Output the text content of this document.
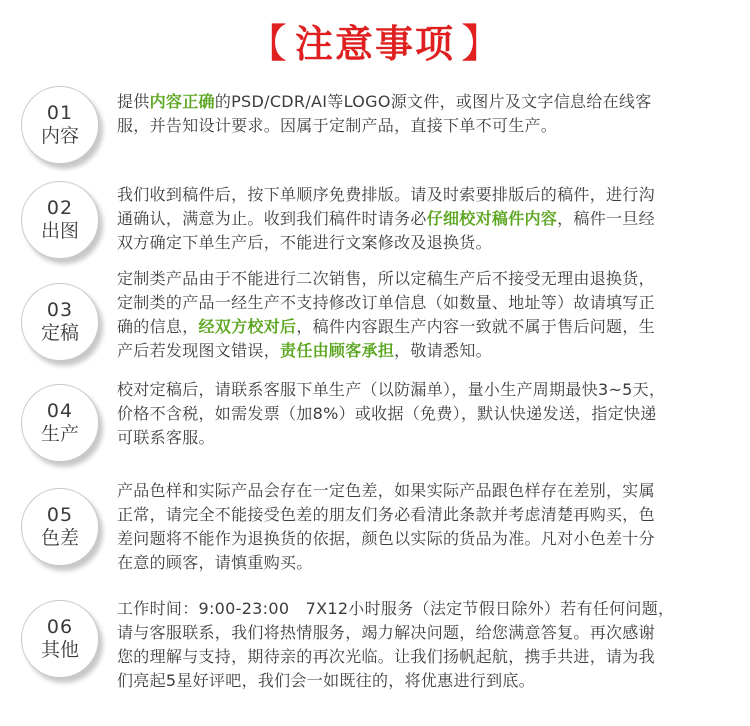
【 注意事项 】
01
内容
提供内容正确的PSD/CDR/AI等LOGO源文件，或图片及文字信息给在线客
服，并告知设计要求。因属于定制产品，直接下单不可生产。
02
出图
我们收到稿件后，按下单顺序免费排版。请及时索要排版后的稿件，进行沟
通确认，满意为止。收到我们稿件时请务必仔细校对稿件内容，稿件一旦经
双方确定下单生产后，不能进行文案修改及退换货。
03
定稿
定制类产品由于不能进行二次销售，所以定稿生产后不接受无理由退换货，
定制类的产品一经生产不支持修改订单信息（如数量、地址等）故请填写正
确的信息，经双方校对后，稿件内容跟生产内容一致就不属于售后问题，生
产后若发现图文错误，责任由顾客承担，敬请悉知。
04
生产
校对定稿后，请联系客服下单生产（以防漏单），量小生产周期最快3~5天，
价格不含税，如需发票（加8%）或收据（免费），默认快递发送，指定快递
可联系客服。
05
色差
产品色样和实际产品会存在一定色差，如果实际产品跟色样存在差别，实属
正常，请完全不能接受色差的朋友们务必看清此条款并考虑清楚再购买，色
差问题将不能作为退换货的依据，颜色以实际的货品为准。凡对小色差十分
在意的顾客，请慎重购买。
06
其他
工作时间：9:00-23:00　7X12小时服务（法定节假日除外）若有任何问题，
请与客服联系，我们将热情服务，竭力解决问题，给您满意答复。再次感谢
您的理解与支持，期待亲的再次光临。让我们扬帆起航，携手共进，请为我
们亮起5星好评吧，我们会一如既往的，将优惠进行到底。
